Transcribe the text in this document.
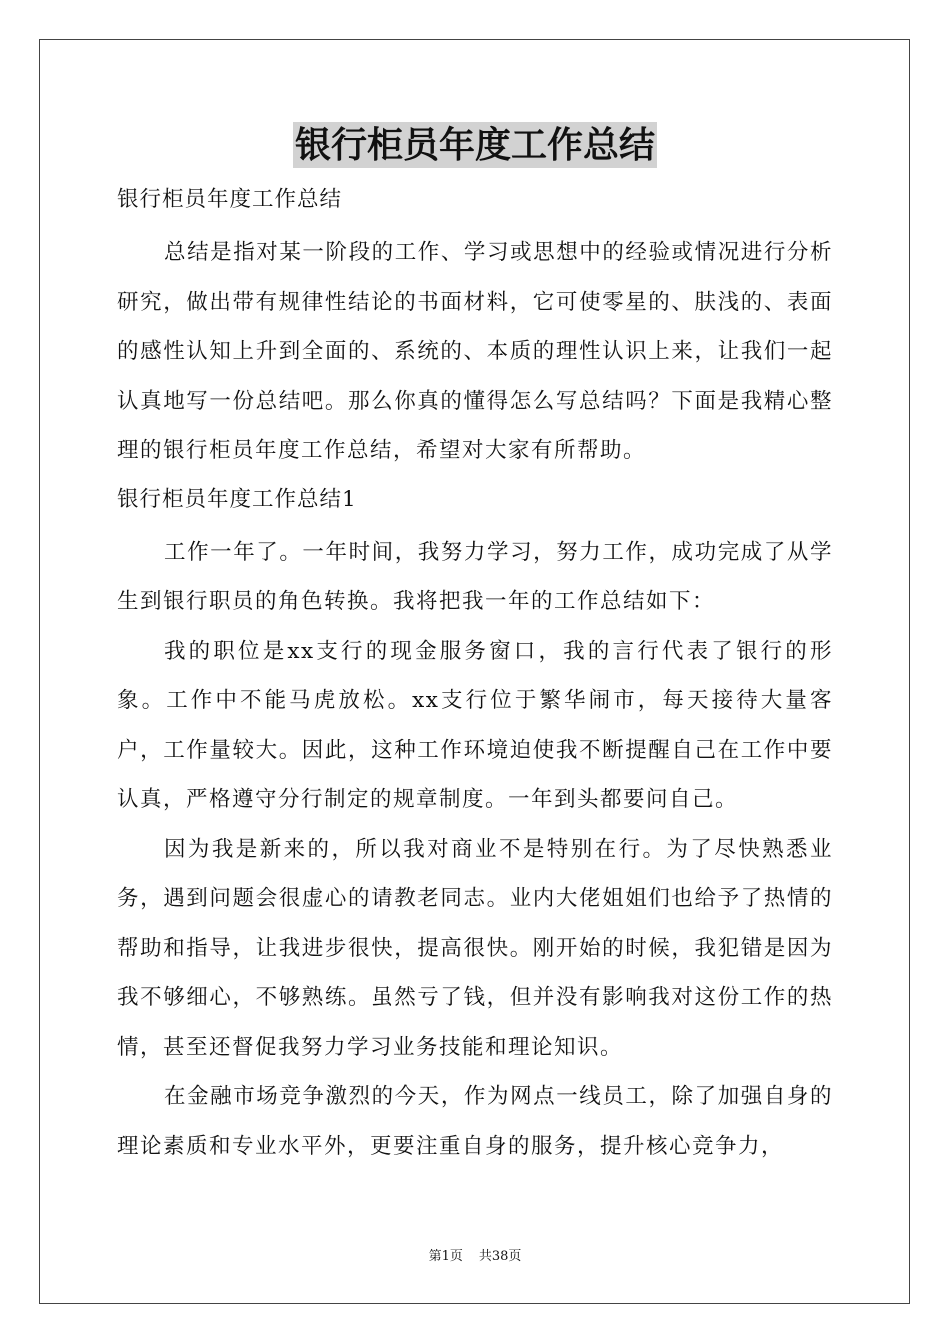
银行柜员年度工作总结

银行柜员年度工作总结

总结是指对某一阶段的工作、学习或思想中的经验或情况进行分析研究，做出带有规律性结论的书面材料，它可使零星的、肤浅的、表面的感性认知上升到全面的、系统的、本质的理性认识上来，让我们一起认真地写一份总结吧。那么你真的懂得怎么写总结吗？下面是我精心整理的银行柜员年度工作总结，希望对大家有所帮助。

银行柜员年度工作总结1

工作一年了。一年时间，我努力学习，努力工作，成功完成了从学生到银行职员的角色转换。我将把我一年的工作总结如下：

我的职位是xx支行的现金服务窗口，我的言行代表了银行的形象。工作中不能马虎放松。xx支行位于繁华闹市，每天接待大量客户，工作量较大。因此，这种工作环境迫使我不断提醒自己在工作中要认真，严格遵守分行制定的规章制度。一年到头都要问自己。

因为我是新来的，所以我对商业不是特别在行。为了尽快熟悉业务，遇到问题会很虚心的请教老同志。业内大佬姐姐们也给予了热情的帮助和指导，让我进步很快，提高很快。刚开始的时候，我犯错是因为我不够细心，不够熟练。虽然亏了钱，但并没有影响我对这份工作的热情，甚至还督促我努力学习业务技能和理论知识。

在金融市场竞争激烈的今天，作为网点一线员工，除了加强自身的理论素质和专业水平外，更要注重自身的服务，提升核心竞争力，

第1页 共38页
